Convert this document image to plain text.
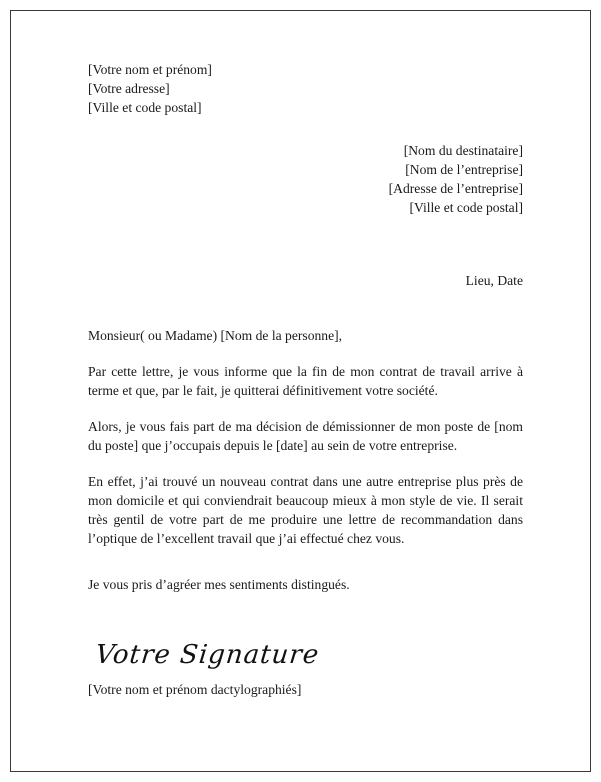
[Votre nom et prénom]
[Votre adresse]
[Ville et code postal]
[Nom du destinataire]
[Nom de l’entreprise]
[Adresse de l’entreprise]
[Ville et code postal]
Lieu, Date

Monsieur( ou Madame) [Nom de la personne],

Par cette lettre, je vous informe que la fin de mon contrat de travail arrive à terme et que, par le fait, je quitterai définitivement votre société.

Alors, je vous fais part de ma décision de démissionner de mon poste de [nom du poste] que j’occupais depuis le [date] au sein de votre entreprise.

En effet, j’ai trouvé un nouveau contrat dans une autre entreprise plus près de mon domicile et qui conviendrait beaucoup mieux à mon style de vie. Il serait très gentil de votre part de me produire une lettre de recommandation dans l’optique de l’excellent travail que j’ai effectué chez vous.

Je vous pris d’agréer mes sentiments distingués.

Votre Signature
[Votre nom et prénom dactylographiés]
